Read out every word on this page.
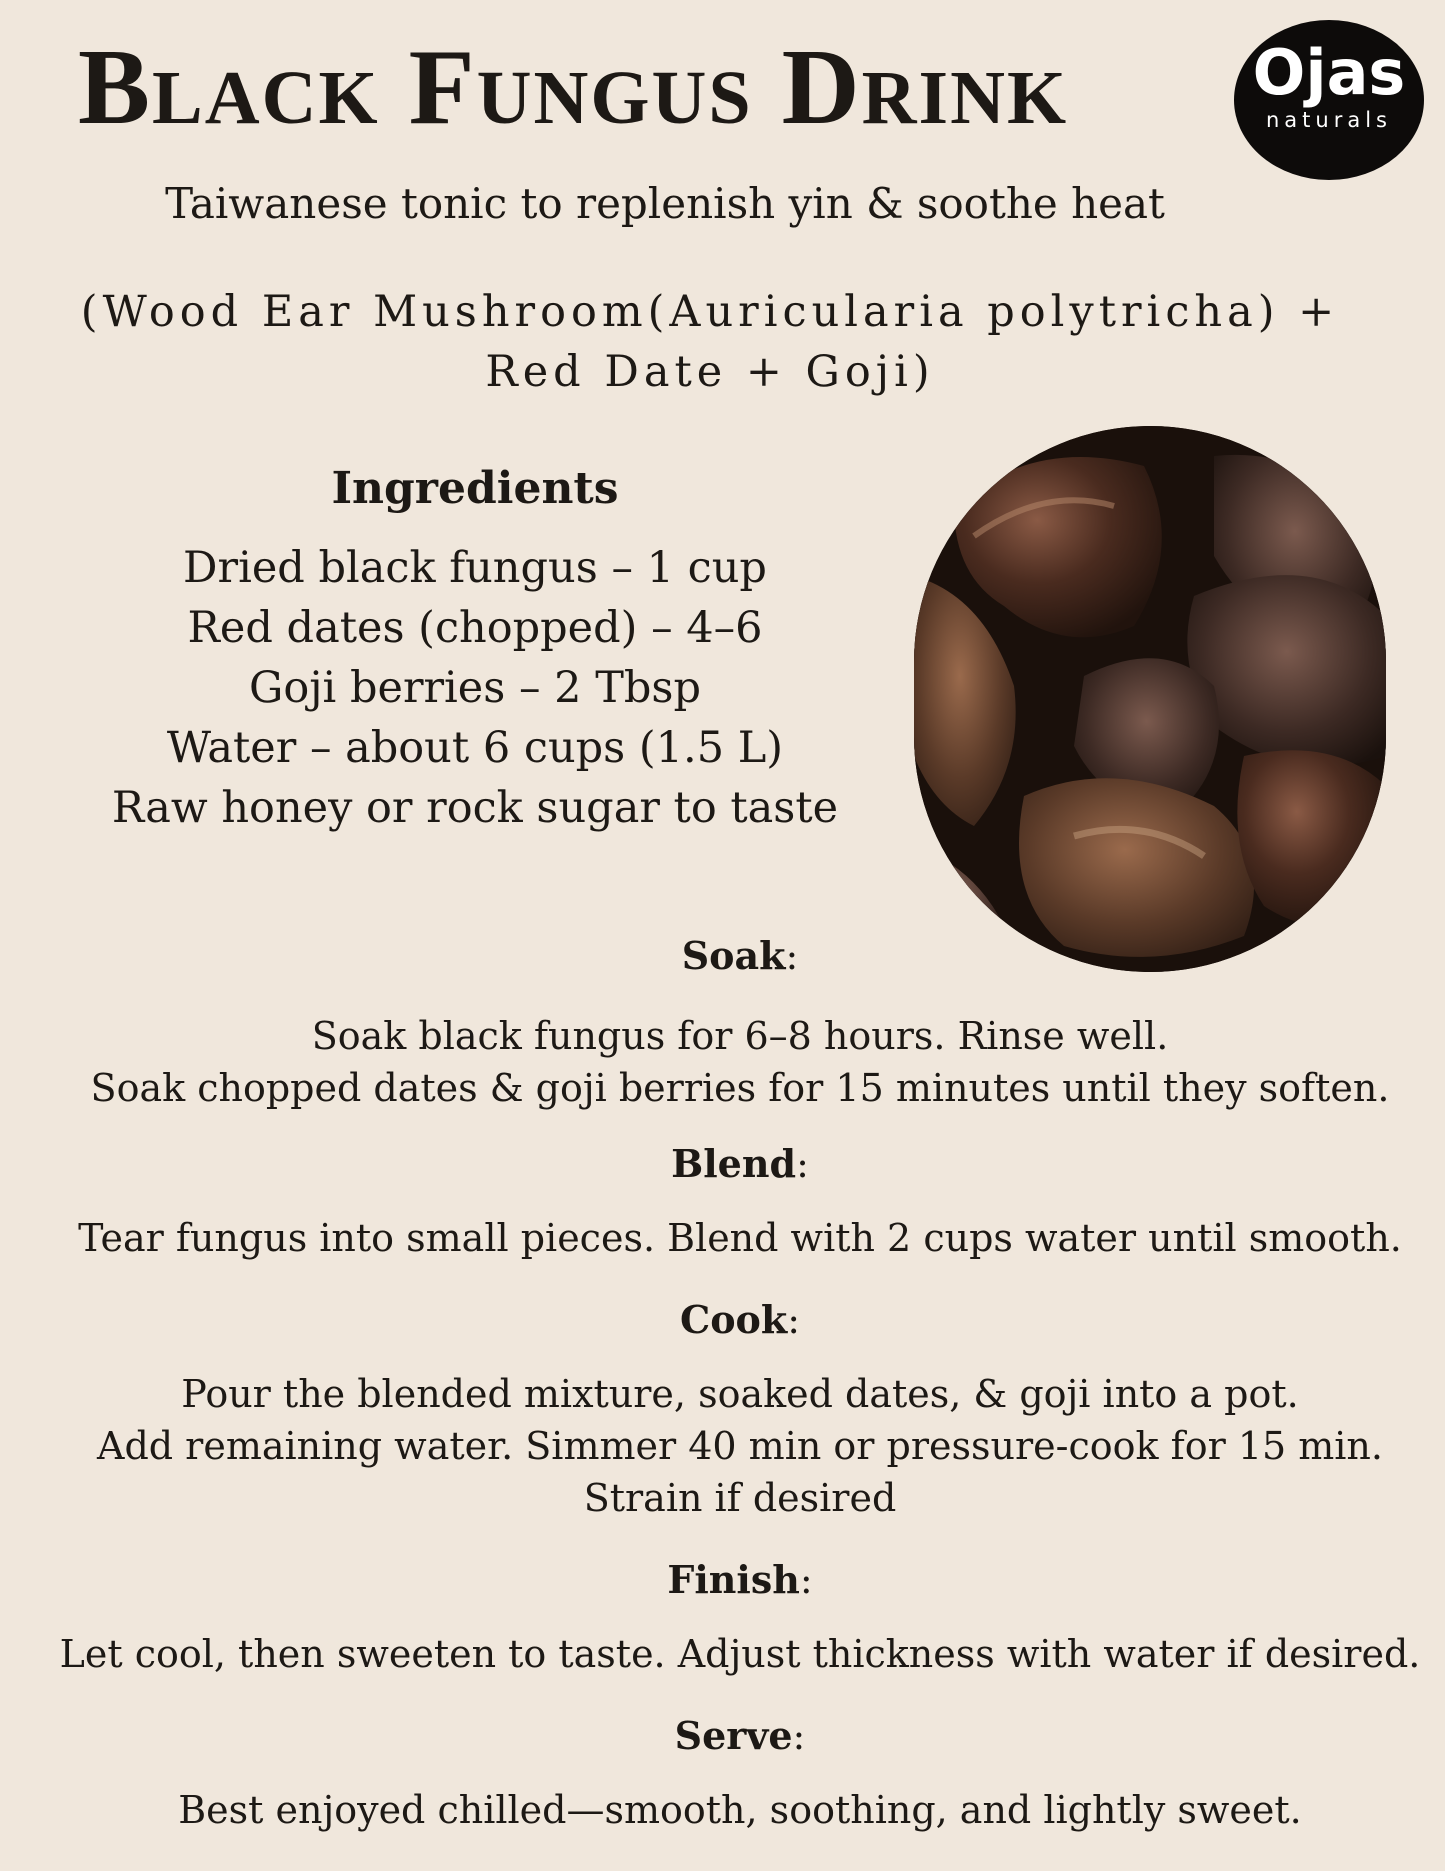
Black Fungus Drink	Ojas
naturals

Taiwanese tonic to replenish yin & soothe heat

(Wood Ear Mushroom(Auricularia polytricha) +
Red Date + Goji)
Ingredients
Dried black fungus – 1 cup
Red dates (chopped) – 4–6
Goji berries – 2 Tbsp
Water – about 6 cups (1.5 L)
Raw honey or rock sugar to taste

Soak:

Soak black fungus for 6–8 hours. Rinse well.

Soak chopped dates & goji berries for 15 minutes until they soften.

Blend:

Tear fungus into small pieces. Blend with 2 cups water until smooth.

Cook:

Pour the blended mixture, soaked dates, & goji into a pot.

Add remaining water. Simmer 40 min or pressure-cook for 15 min.

Strain if desired

Finish:

Let cool, then sweeten to taste. Adjust thickness with water if desired.

Serve:

Best enjoyed chilled—smooth, soothing, and lightly sweet.
